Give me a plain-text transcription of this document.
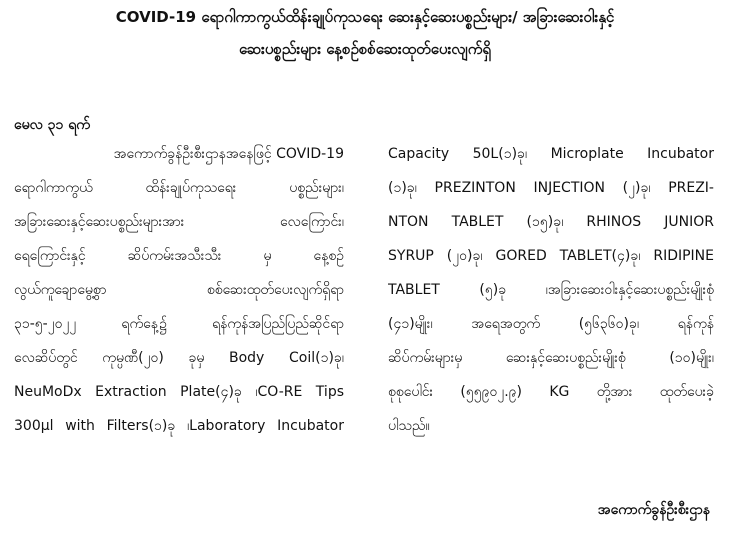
COVID-19 ရောဂါကာကွယ်ထိန်းချုပ်ကုသရေး ဆေးနှင့်ဆေးပစ္စည်းများ/ အခြားဆေးဝါးနှင့်
ဆေးပစ္စည်းများ နေ့စဉ်စစ်ဆေးထုတ်ပေးလျက်ရှိ
မေလ ၃၁ ရက်
အကောက်ခွန်ဦးစီးဌာနအနေဖြင့် COVID-19
ရောဂါကာကွယ် ထိန်းချုပ်ကုသရေး ပစ္စည်းများ၊
အခြားဆေးနှင့်ဆေးပစ္စည်းများအား လေကြောင်း၊
ရေကြောင်းနှင့် ဆိပ်ကမ်းအသီးသီး မှ နေ့စဉ်
လွယ်ကူချောမွေ့စွာ စစ်ဆေးထုတ်ပေးလျက်ရှိရာ
၃၁-၅-၂၀၂၂ ရက်နေ့၌ ရန်ကုန်အပြည်ပြည်ဆိုင်ရာ
လေဆိပ်တွင် ကုမ္ပဏီ(၂၀) ခုမှ Body Coil(၁)ခု၊
NeuMoDx Extraction Plate(၄)ခု ၊CO-RE Tips
300µl with Filters(၁)ခု ၊Laboratory Incubator
Capacity 50L(၁)ခု၊ Microplate Incubator
(၁)ခု၊ PREZINTON INJECTION (၂)ခု၊ PREZI-
NTON TABLET (၁၅)ခု၊ RHINOS JUNIOR
SYRUP (၂၀)ခု၊ GORED TABLET(၄)ခု၊ RIDIPINE
TABLET (၅)ခု ၊အခြားဆေးဝါးနှင့်ဆေးပစ္စည်းမျိုးစုံ
(၄၁)မျိုး၊ အရေအတွက် (၅၆၃၆၀)ခု၊ ရန်ကုန်
ဆိပ်ကမ်းများမှ ဆေးနှင့်ဆေးပစ္စည်းမျိုးစုံ (၁၀)မျိုး၊
စုစုပေါင်း (၅၅၉၀၂.၉) KG တို့အား ထုတ်ပေးခဲ့
ပါသည်။
အကောက်ခွန်ဦးစီးဌာန
